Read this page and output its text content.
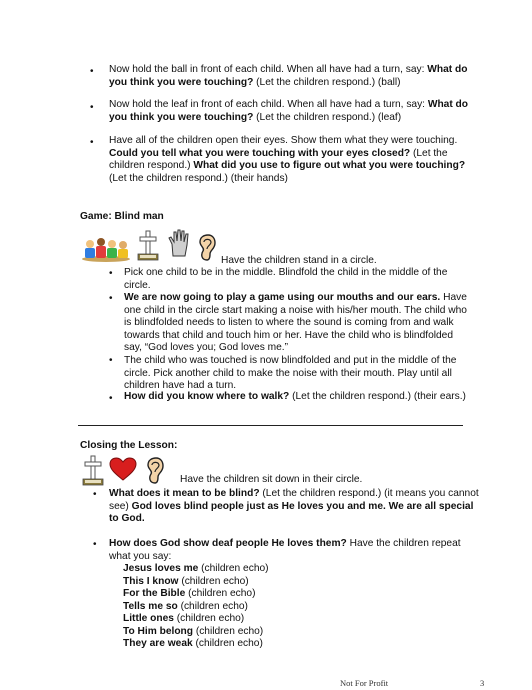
• Now hold the ball in front of each child. When all have had a turn, say: What do you think you were touching? (Let the children respond.) (ball)
• Now hold the leaf in front of each child. When all have had a turn, say: What do you think you were touching? (Let the children respond.) (leaf)
• Have all of the children open their eyes. Show them what they were touching. Could you tell what you were touching with your eyes closed? (Let the children respond.) What did you use to figure out what you were touching? (Let the children respond.) (their hands)
Game: Blind man
Have the children stand in a circle.
• Pick one child to be in the middle. Blindfold the child in the middle of the circle.
• We are now going to play a game using our mouths and our ears. Have one child in the circle start making a noise with his/her mouth. The child who is blindfolded needs to listen to where the sound is coming from and walk towards that child and touch him or her. Have the child who is blindfolded say, “God loves you; God loves me.”
• The child who was touched is now blindfolded and put in the middle of the circle. Pick another child to make the noise with their mouth. Play until all children have had a turn.
• How did you know where to walk? (Let the children respond.) (their ears.)
Closing the Lesson:
Have the children sit down in their circle.
• What does it mean to be blind? (Let the children respond.) (it means you cannot see) God loves blind people just as He loves you and me. We are all special to God.
• How does God show deaf people He loves them? Have the children repeat what you say:
Jesus loves me (children echo)
This I know (children echo)
For the Bible (children echo)
Tells me so (children echo)
Little ones (children echo)
To Him belong (children echo)
They are weak (children echo)
Not For Profit	3
